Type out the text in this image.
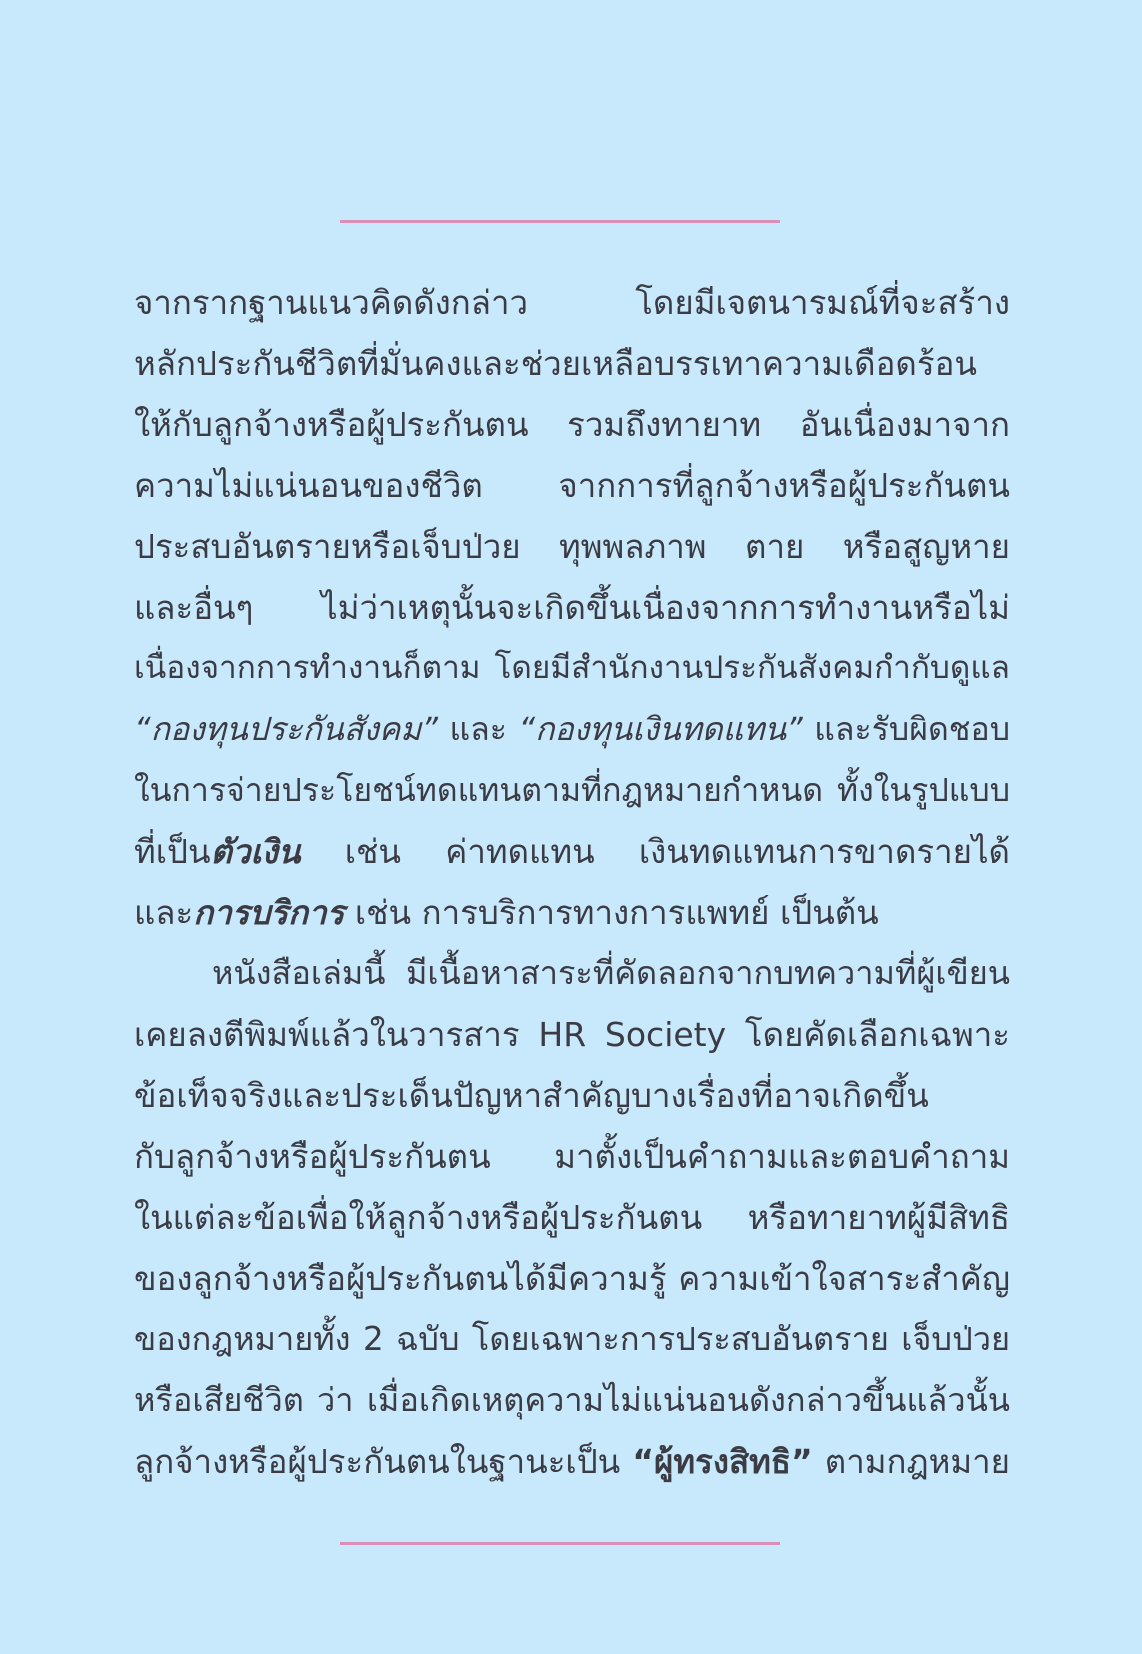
จากรากฐานแนวคิดดังกล่าว โดยมีเจตนารมณ์ที่จะสร้าง
หลักประกันชีวิตที่มั่นคงและช่วยเหลือบรรเทาความเดือดร้อน
ให้กับลูกจ้างหรือผู้ประกันตน รวมถึงทายาท อันเนื่องมาจาก
ความไม่แน่นอนของชีวิต จากการที่ลูกจ้างหรือผู้ประกันตน
ประสบอันตรายหรือเจ็บป่วย ทุพพลภาพ ตาย หรือสูญหาย
และอื่นๆ ไม่ว่าเหตุนั้นจะเกิดขึ้นเนื่องจากการทำงานหรือไม่
เนื่องจากการทำงานก็ตาม โดยมีสำนักงานประกันสังคมกำกับดูแล
“กองทุนประกันสังคม” และ “กองทุนเงินทดแทน” และรับผิดชอบ
ในการจ่ายประโยชน์ทดแทนตามที่กฎหมายกำหนด ทั้งในรูปแบบ
ที่เป็นตัวเงิน เช่น ค่าทดแทน เงินทดแทนการขาดรายได้
และการบริการ เช่น การบริการทางการแพทย์ เป็นต้น
หนังสือเล่มนี้ มีเนื้อหาสาระที่คัดลอกจากบทความที่ผู้เขียน
เคยลงตีพิมพ์แล้วในวารสาร HR Society โดยคัดเลือกเฉพาะ
ข้อเท็จจริงและประเด็นปัญหาสำคัญบางเรื่องที่อาจเกิดขึ้น
กับลูกจ้างหรือผู้ประกันตน มาตั้งเป็นคำถามและตอบคำถาม
ในแต่ละข้อเพื่อให้ลูกจ้างหรือผู้ประกันตน หรือทายาทผู้มีสิทธิ
ของลูกจ้างหรือผู้ประกันตนได้มีความรู้ ความเข้าใจสาระสำคัญ
ของกฎหมายทั้ง 2 ฉบับ โดยเฉพาะการประสบอันตราย เจ็บป่วย
หรือเสียชีวิต ว่า เมื่อเกิดเหตุความไม่แน่นอนดังกล่าวขึ้นแล้วนั้น
ลูกจ้างหรือผู้ประกันตนในฐานะเป็น “ผู้ทรงสิทธิ” ตามกฎหมาย
